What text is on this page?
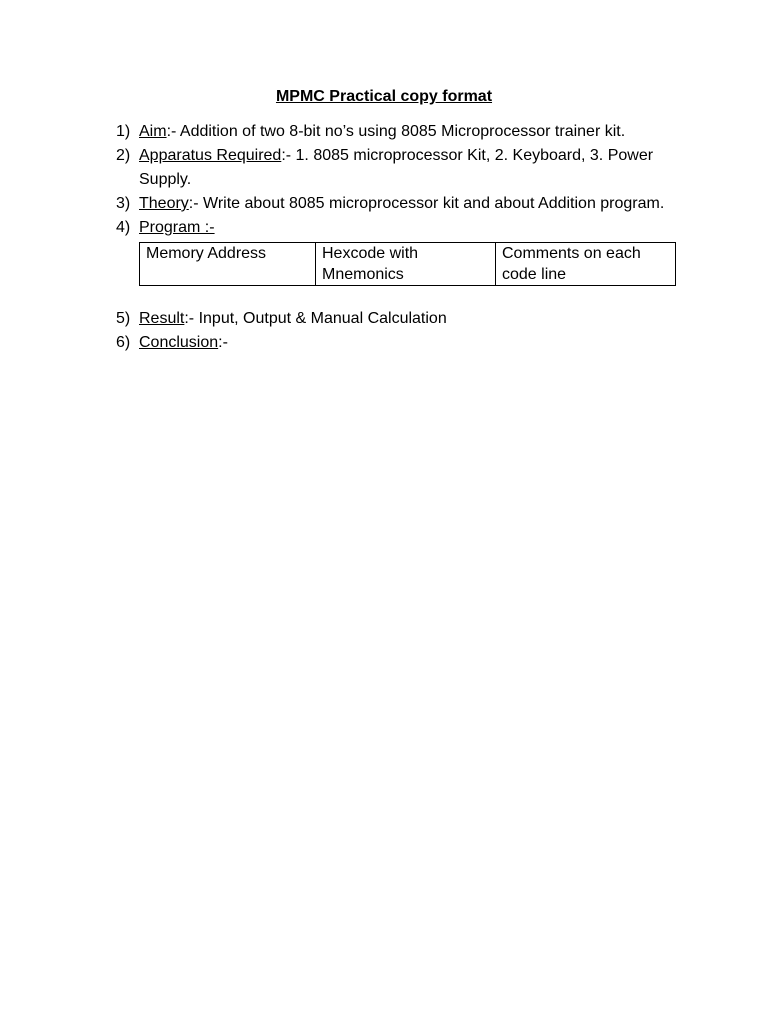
MPMC Practical copy format
1) Aim:- Addition of two 8-bit no’s using 8085 Microprocessor trainer kit.
2) Apparatus Required:- 1. 8085 microprocessor Kit, 2. Keyboard, 3. Power Supply.
3) Theory:- Write about 8085 microprocessor kit and about Addition program.
4) Program :-
Memory Address	Hexcode with Mnemonics	Comments on each code line
5) Result:- Input, Output & Manual Calculation
6) Conclusion:-
